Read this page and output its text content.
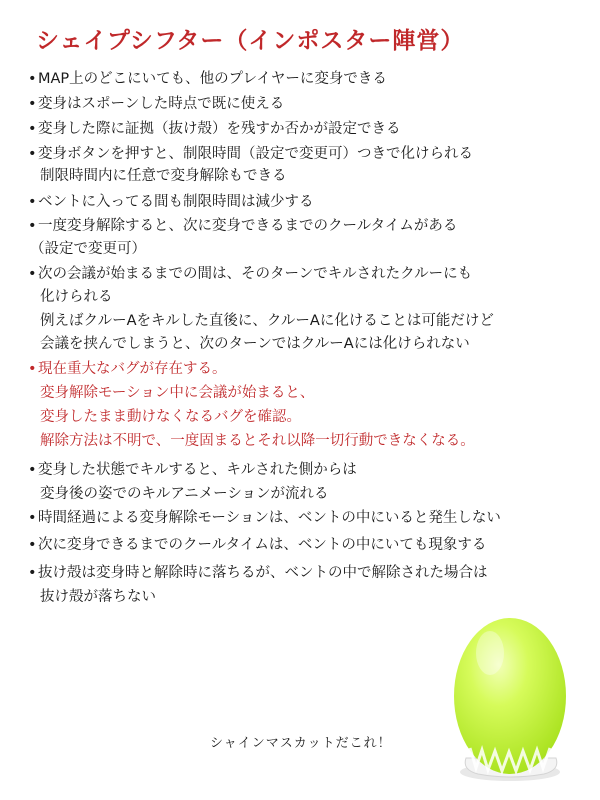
シェイプシフター（インポスター陣営）
•MAP上のどこにいても、他のプレイヤーに変身できる
•変身はスポーンした時点で既に使える
•変身した際に証拠（抜け殻）を残すか否かが設定できる
•変身ボタンを押すと、制限時間（設定で変更可）つきで化けられる
制限時間内に任意で変身解除もできる
•ベントに入ってる間も制限時間は減少する
•一度変身解除すると、次に変身できるまでのクールタイムがある
（設定で変更可）
•次の会議が始まるまでの間は、そのターンでキルされたクルーにも
化けられる
例えばクルーAをキルした直後に、クルーAに化けることは可能だけど
会議を挟んでしまうと、次のターンではクルーAには化けられない
•現在重大なバグが存在する。
変身解除モーション中に会議が始まると、
変身したまま動けなくなるバグを確認。
解除方法は不明で、一度固まるとそれ以降一切行動できなくなる。
•変身した状態でキルすると、キルされた側からは
変身後の姿でのキルアニメーションが流れる
•時間経過による変身解除モーションは、ベントの中にいると発生しない
•次に変身できるまでのクールタイムは、ベントの中にいても現象する
•抜け殻は変身時と解除時に落ちるが、ベントの中で解除された場合は
抜け殻が落ちない
シャインマスカットだこれ！
